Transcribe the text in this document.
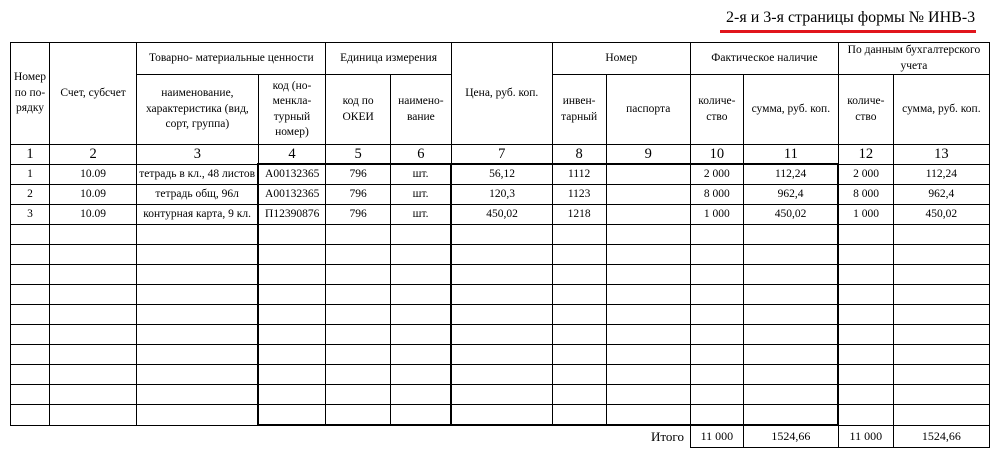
2-я и 3-я страницы формы № ИНВ-3
Номер по по- рядку	Счет, субсчет	Товарно- материальные ценности		Единица измерения		Цена, руб. коп.	Номер		Фактическое наличие		По данным бухгалтерского учета	
		наименование, характеристика (вид, сорт, группа)	код (но- менкла- турный номер)	код по ОКЕИ	наимено- вание		инвен- тарный	паспорта	количе- ство	сумма, руб. коп.	количе- ство	сумма, руб. коп.
1	2	3	4	5	6	7	8	9	10	11	12	13
1	10.09	тетрадь в кл., 48 листов	А00132365	796	шт.	56,12	1112		2 000	112,24	2 000	112,24
2	10.09	тетрадь общ, 96л	А00132365	796	шт.	120,3	1123		8 000	962,4	8 000	962,4
3	10.09	контурная карта, 9 кл.	П12390876	796	шт.	450,02	1218		1 000	450,02	1 000	450,02

							Итого		11 000	1524,66	11 000	1524,66
